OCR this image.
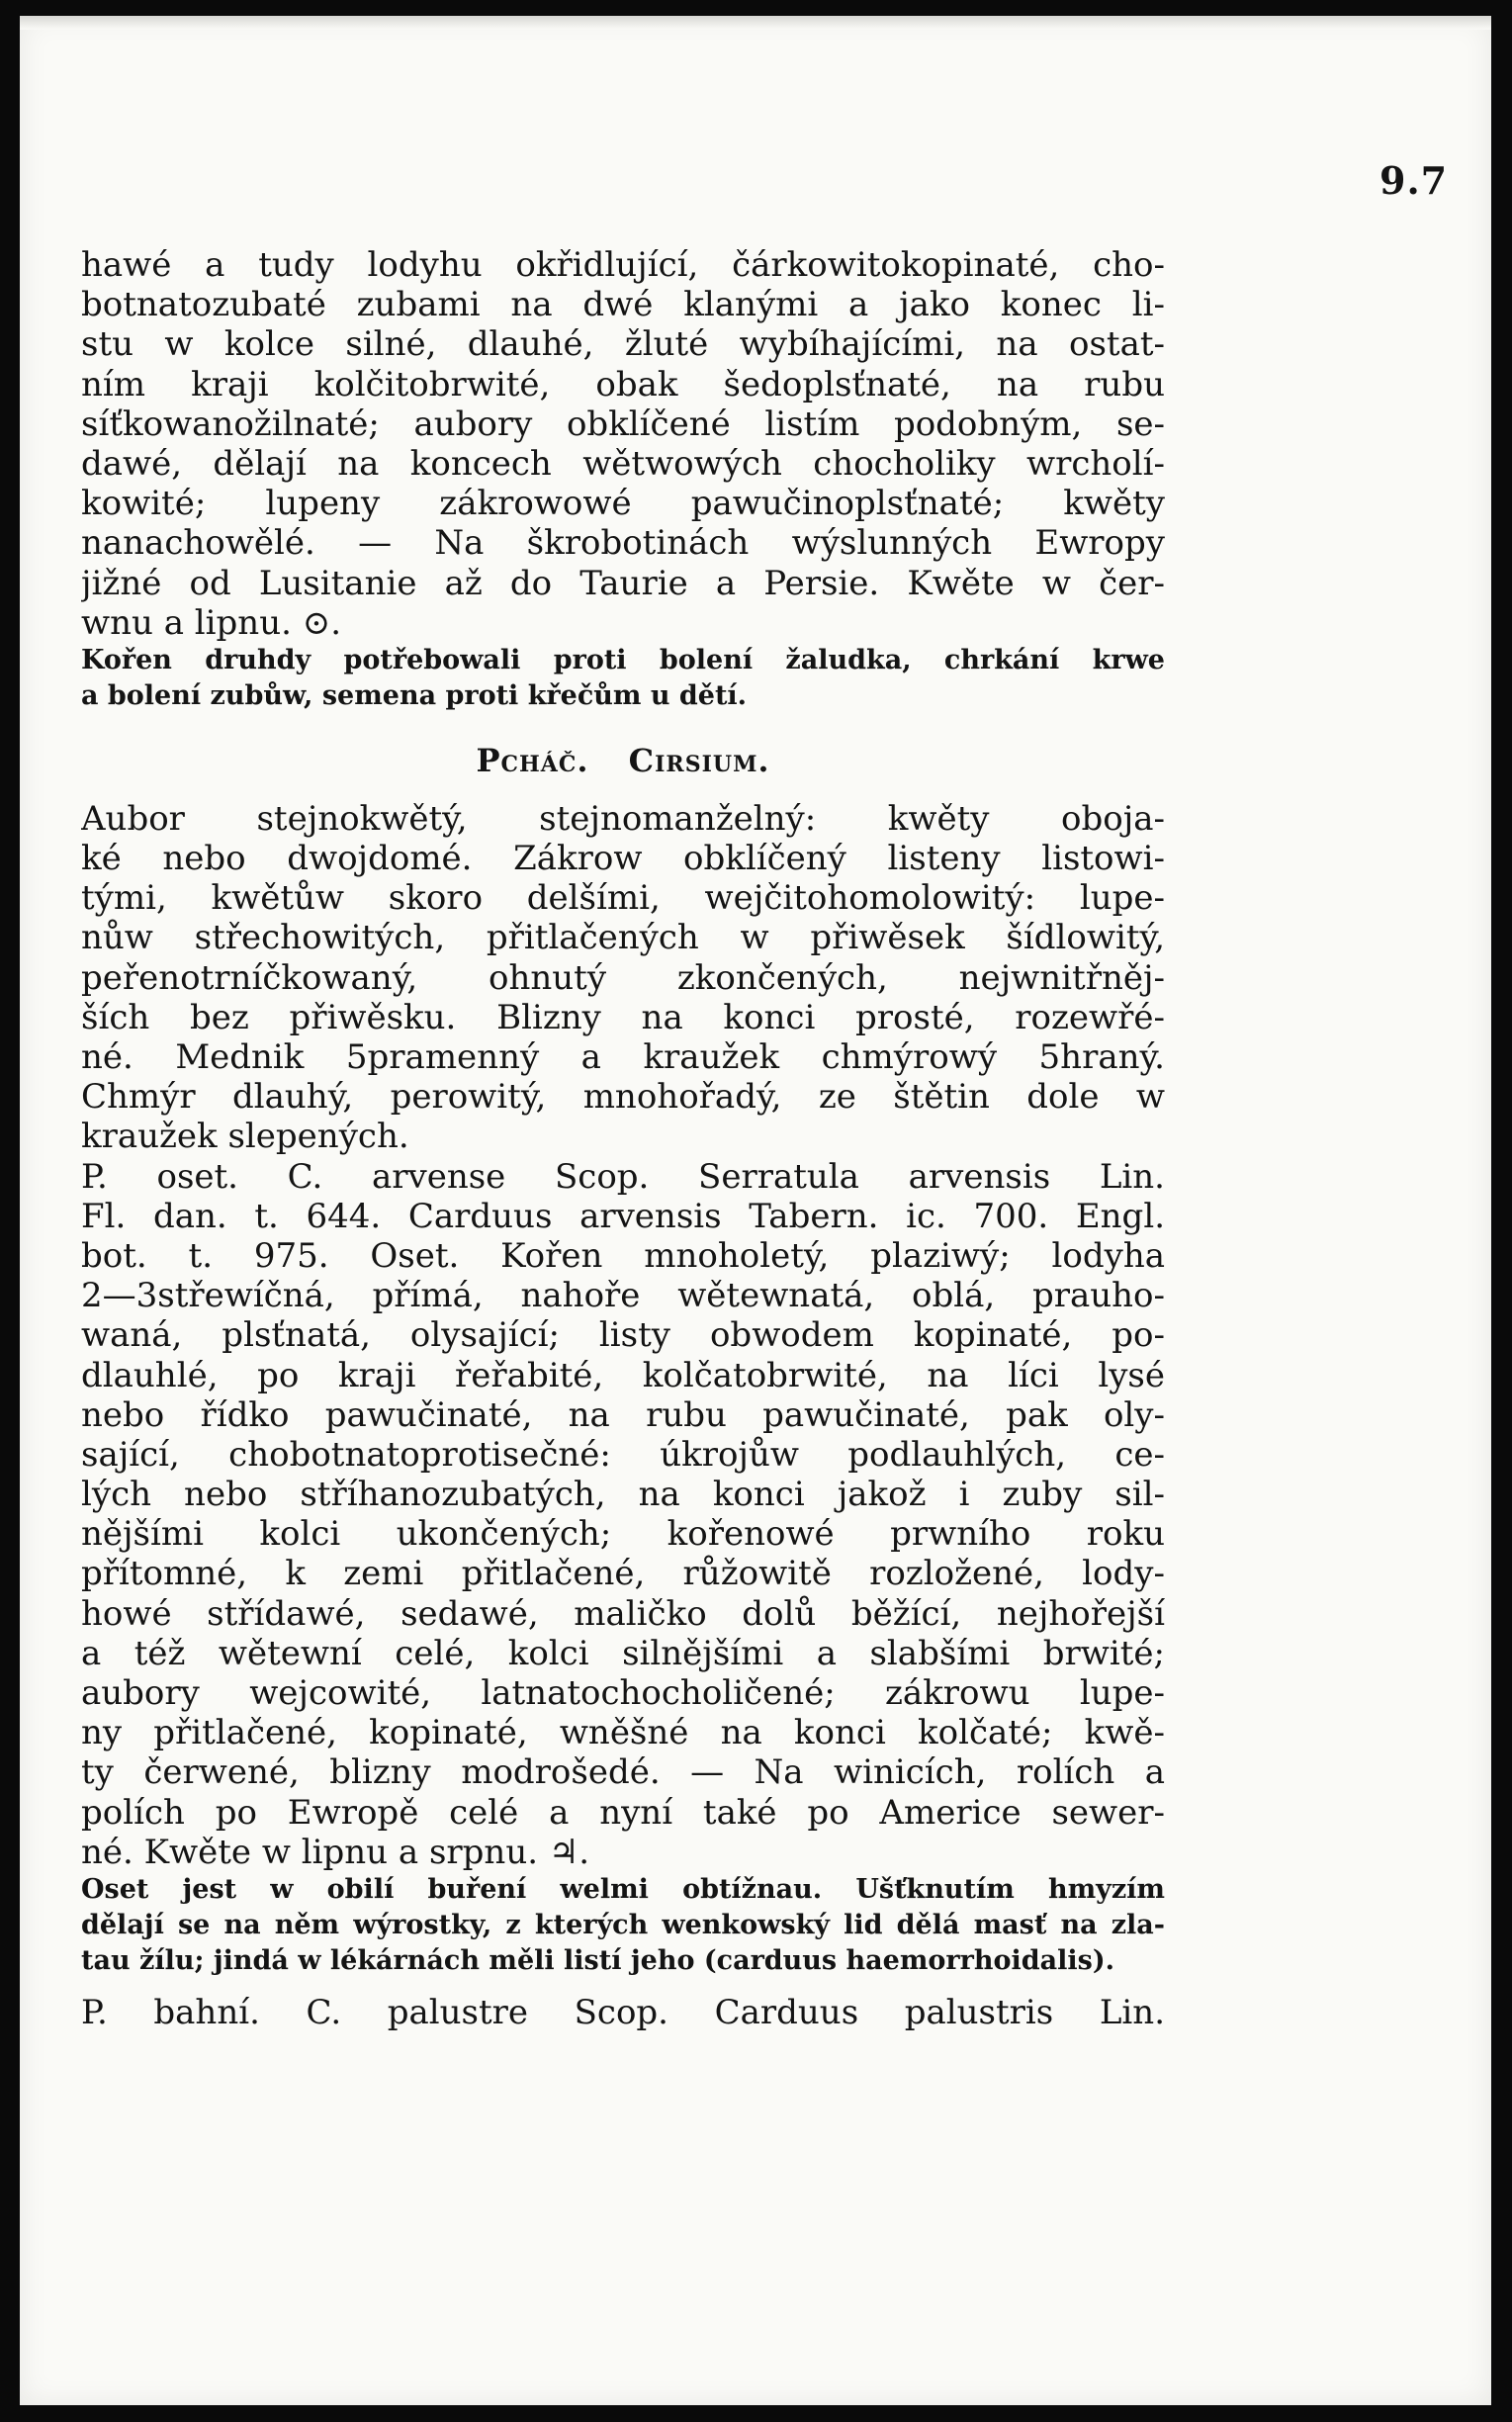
9.7
hawé a tudy lodyhu okřidlující, čárkowitokopinaté, cho-
botnatozubaté zubami na dwé klanými a jako konec li-
stu w kolce silné, dlauhé, žluté wybíhajícími, na ostat-
ním kraji kolčitobrwité, obak šedoplsťnaté, na rubu
síťkowanožilnaté; aubory obklíčené listím podobným, se-
dawé, dělají na koncech wětwowých chocholiky wrcholí-
kowité; lupeny zákrowowé pawučinoplsťnaté; kwěty
nanachowělé. — Na škrobotinách wýslunných Ewropy
jižné od Lusitanie až do Taurie a Persie. Kwěte w čer-
wnu a lipnu. ⊙.
Kořen druhdy potřebowali proti bolení žaludka, chrkání krwe
a bolení zubůw, semena proti křečům u dětí.
Pcháč. Cirsium.
Aubor stejnokwětý, stejnomanželný: kwěty oboja-
ké nebo dwojdomé. Zákrow obklíčený listeny listowi-
tými, kwětůw skoro delšími, wejčitohomolowitý: lupe-
nůw střechowitých, přitlačených w přiwěsek šídlowitý,
peřenotrníčkowaný, ohnutý zkončených, nejwnitřněj-
ších bez přiwěsku. Blizny na konci prosté, rozewřé-
né. Mednik 5pramenný a kraužek chmýrowý 5hraný.
Chmýr dlauhý, perowitý, mnohořadý, ze štětin dole w
kraužek slepených.
P. oset. C. arvense Scop. Serratula arvensis Lin.
Fl. dan. t. 644. Carduus arvensis Tabern. ic. 700. Engl.
bot. t. 975. Oset. Kořen mnoholetý, plaziwý; lodyha
2—3střewíčná, přímá, nahoře wětewnatá, oblá, prauho-
waná, plsťnatá, olysající; listy obwodem kopinaté, po-
dlauhlé, po kraji řeřabité, kolčatobrwité, na líci lysé
nebo řídko pawučinaté, na rubu pawučinaté, pak oly-
sající, chobotnatoprotisečné: úkrojůw podlauhlých, ce-
lých nebo stříhanozubatých, na konci jakož i zuby sil-
nějšími kolci ukončených; kořenowé prwního roku
přítomné, k zemi přitlačené, růžowitě rozložené, lody-
howé střídawé, sedawé, maličko dolů běžící, nejhořejší
a též wětewní celé, kolci silnějšími a slabšími brwité;
aubory wejcowité, latnatochocholičené; zákrowu lupe-
ny přitlačené, kopinaté, wněšné na konci kolčaté; kwě-
ty čerwené, blizny modrošedé. — Na winicích, rolích a
polích po Ewropě celé a nyní také po Americe sewer-
né. Kwěte w lipnu a srpnu. ♃.
Oset jest w obilí buření welmi obtížnau. Ušťknutím hmyzím
dělají se na něm wýrostky, z kterých wenkowský lid dělá masť na zla-
tau žílu; jindá w lékárnách měli listí jeho (carduus haemorrhoidalis).
P. bahní. C. palustre Scop. Carduus palustris Lin.
